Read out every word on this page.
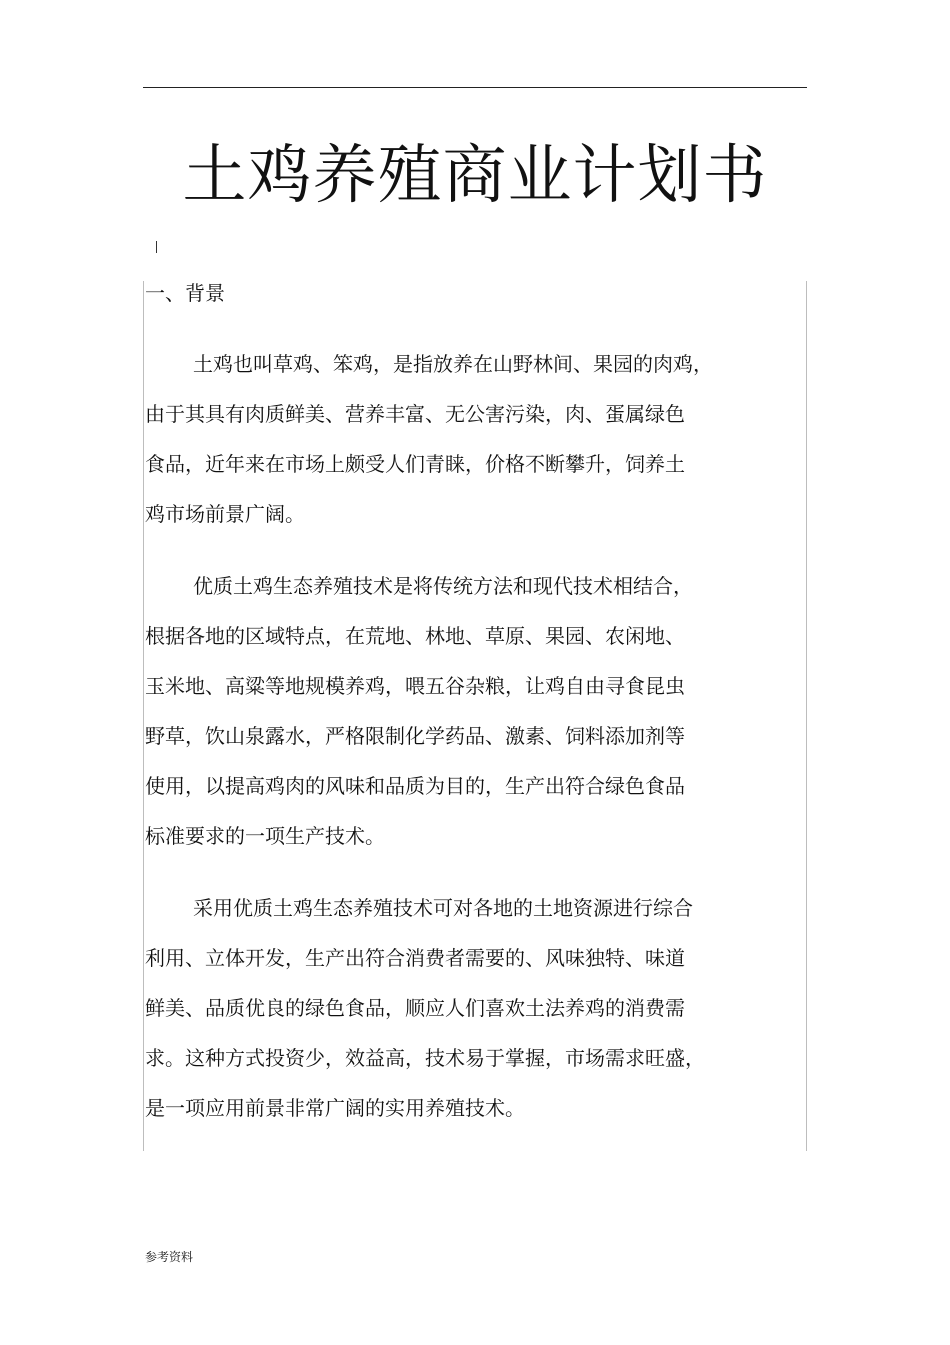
土鸡养殖商业计划书
一、背景

土鸡也叫草鸡、笨鸡，是指放养在山野林间、果园的肉鸡，

由于其具有肉质鲜美、营养丰富、无公害污染，肉、蛋属绿色

食品，近年来在市场上颇受人们青睐，价格不断攀升，饲养土

鸡市场前景广阔。

优质土鸡生态养殖技术是将传统方法和现代技术相结合，

根据各地的区域特点，在荒地、林地、草原、果园、农闲地、

玉米地、高粱等地规模养鸡，喂五谷杂粮，让鸡自由寻食昆虫

野草，饮山泉露水，严格限制化学药品、激素、饲料添加剂等

使用，以提高鸡肉的风味和品质为目的，生产出符合绿色食品

标准要求的一项生产技术。

采用优质土鸡生态养殖技术可对各地的土地资源进行综合

利用、立体开发，生产出符合消费者需要的、风味独特、味道

鲜美、品质优良的绿色食品，顺应人们喜欢土法养鸡的消费需

求。这种方式投资少，效益高，技术易于掌握，市场需求旺盛，

是一项应用前景非常广阔的实用养殖技术。

参考资料
